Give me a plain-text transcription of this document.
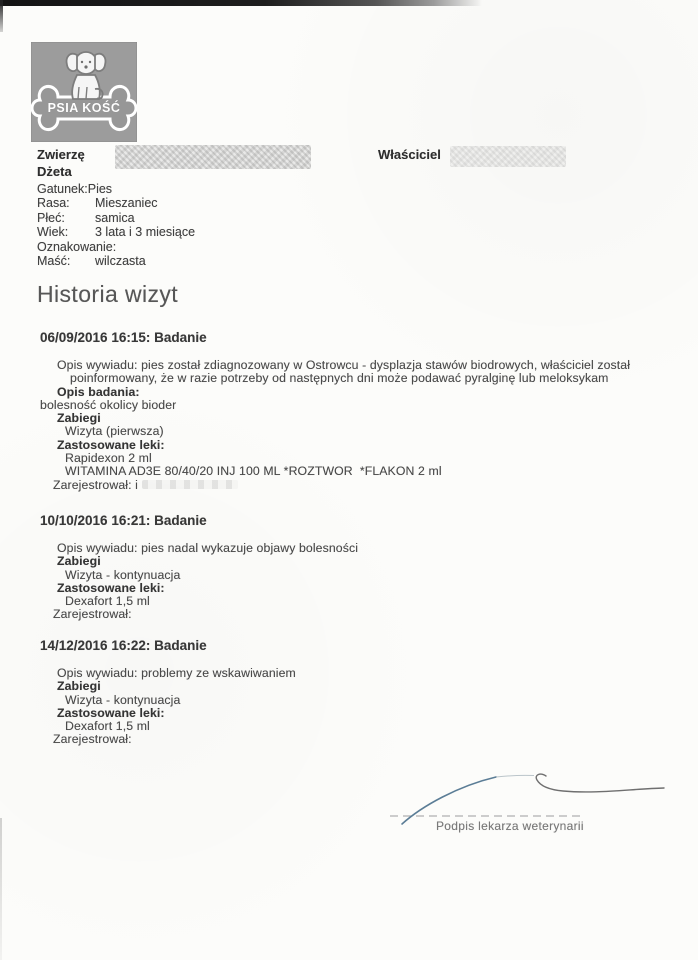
PSIA KOŚĆ
Zwierzę	Właściciel
Dżeta
Gatunek:Pies
Rasa: Mieszaniec
Płeć: samica
Wiek: 3 lata i 3 miesiące
Oznakowanie:
Maść: wilczasta
Historia wizyt
06/09/2016 16:15: Badanie
Opis wywiadu: pies został zdiagnozowany w Ostrowcu - dysplazja stawów biodrowych, właściciel został
poinformowany, że w razie potrzeby od następnych dni może podawać pyralginę lub meloksykam
Opis badania:
bolesność okolicy bioder
Zabiegi
Wizyta (pierwsza)
Zastosowane leki:
Rapidexon 2 ml
WITAMINA AD3E 80/40/20 INJ 100 ML *ROZTWOR  *FLAKON 2 ml
Zarejestrował: i
10/10/2016 16:21: Badanie
Opis wywiadu: pies nadal wykazuje objawy bolesności
Zabiegi
Wizyta - kontynuacja
Zastosowane leki:
Dexafort 1,5 ml
Zarejestrował:
14/12/2016 16:22: Badanie
Opis wywiadu: problemy ze wskawiwaniem
Zabiegi
Wizyta - kontynuacja
Zastosowane leki:
Dexafort 1,5 ml
Zarejestrował:
Podpis lekarza weterynarii
